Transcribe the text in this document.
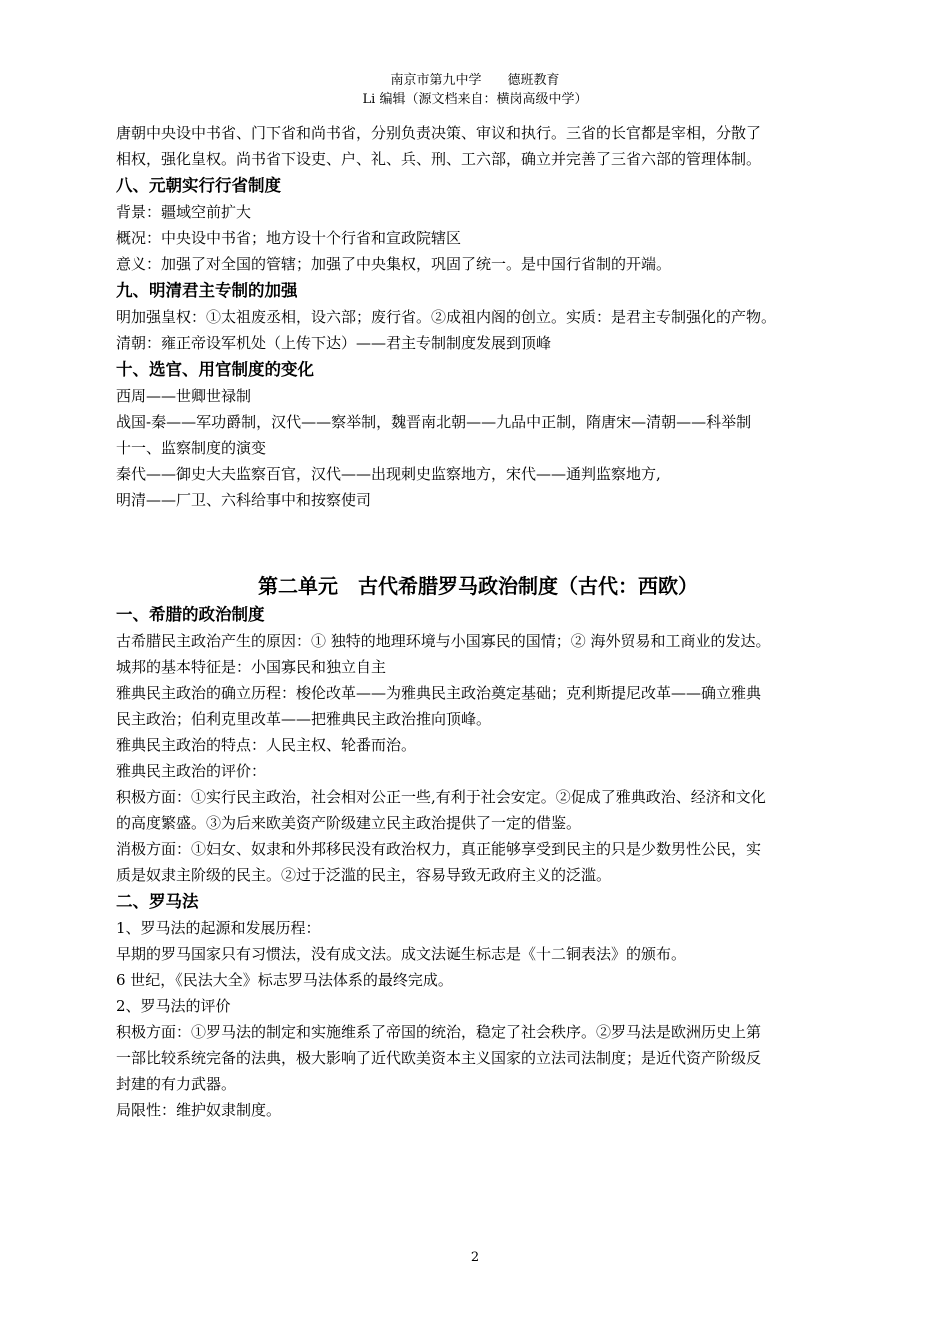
南京市第九中学　　德班教育
Li 编辑（源文档来自：横岗高级中学）

唐朝中央设中书省、门下省和尚书省，分别负责决策、审议和执行。三省的长官都是宰相，分散了

相权，强化皇权。尚书省下设吏、户、礼、兵、刑、工六部，确立并完善了三省六部的管理体制。

八、元朝实行行省制度

背景：疆域空前扩大

概况：中央设中书省；地方设十个行省和宣政院辖区

意义：加强了对全国的管辖；加强了中央集权，巩固了统一。是中国行省制的开端。

九、明清君主专制的加强

明加强皇权：①太祖废丞相，设六部；废行省。②成祖内阁的创立。实质：是君主专制强化的产物。

清朝：雍正帝设军机处（上传下达）——君主专制制度发展到顶峰

十、选官、用官制度的变化

西周——世卿世禄制

战国-秦——军功爵制，汉代——察举制，魏晋南北朝——九品中正制，隋唐宋—清朝——科举制

十一、监察制度的演变

秦代——御史大夫监察百官，汉代——出现刺史监察地方，宋代——通判监察地方,

明清——厂卫、六科给事中和按察使司

第二单元　古代希腊罗马政治制度（古代：西欧）

一、希腊的政治制度

古希腊民主政治产生的原因：① 独特的地理环境与小国寡民的国情；② 海外贸易和工商业的发达。

城邦的基本特征是：小国寡民和独立自主

雅典民主政治的确立历程：梭伦改革——为雅典民主政治奠定基础；克利斯提尼改革——确立雅典

民主政治；伯利克里改革——把雅典民主政治推向顶峰。

雅典民主政治的特点：人民主权、轮番而治。

雅典民主政治的评价：

积极方面：①实行民主政治，社会相对公正一些,有利于社会安定。②促成了雅典政治、经济和文化

的高度繁盛。③为后来欧美资产阶级建立民主政治提供了一定的借鉴。

消极方面：①妇女、奴隶和外邦移民没有政治权力，真正能够享受到民主的只是少数男性公民，实

质是奴隶主阶级的民主。②过于泛滥的民主，容易导致无政府主义的泛滥。

二、罗马法

1、罗马法的起源和发展历程：

早期的罗马国家只有习惯法，没有成文法。成文法诞生标志是《十二铜表法》的颁布。

6 世纪，《民法大全》标志罗马法体系的最终完成。

2、罗马法的评价

积极方面：①罗马法的制定和实施维系了帝国的统治，稳定了社会秩序。②罗马法是欧洲历史上第

一部比较系统完备的法典，极大影响了近代欧美资本主义国家的立法司法制度；是近代资产阶级反

封建的有力武器。

局限性：维护奴隶制度。

2
